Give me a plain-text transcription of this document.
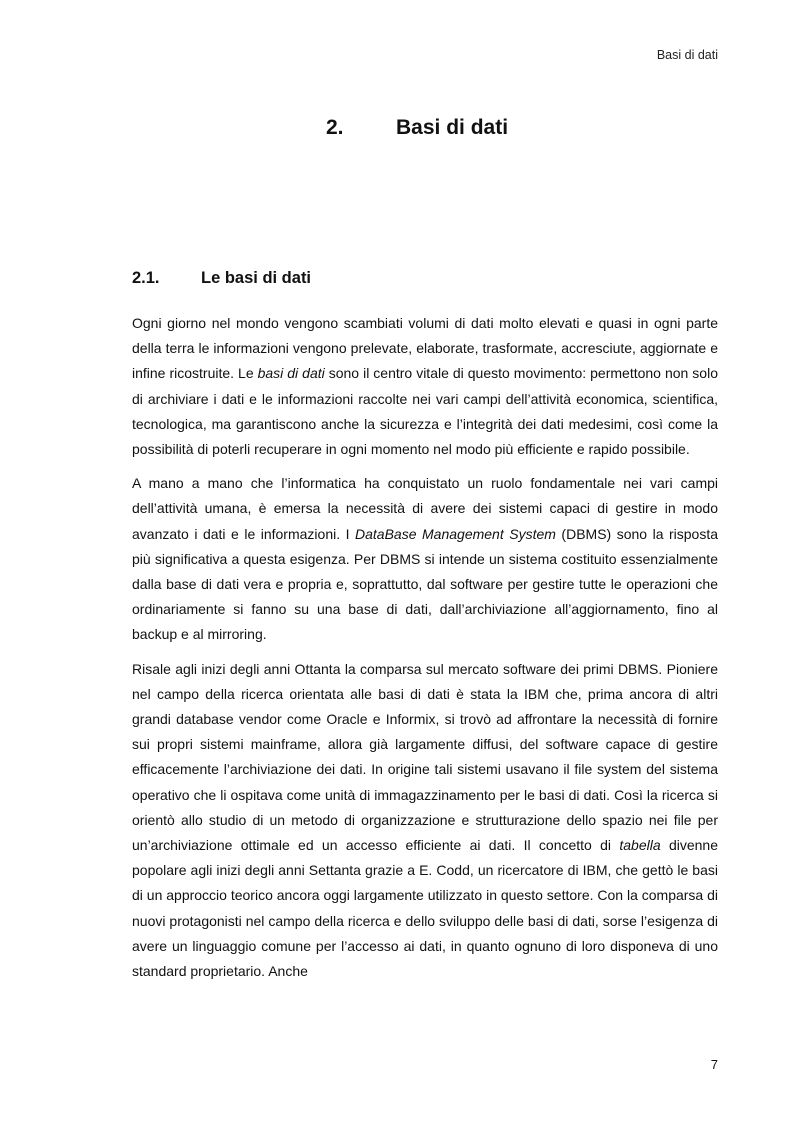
Basi di dati
2. Basi di dati
2.1.	Le basi di dati

Ogni giorno nel mondo vengono scambiati volumi di dati molto elevati e quasi in ogni parte della terra le informazioni vengono prelevate, elaborate, trasformate, accresciute, aggiornate e infine ricostruite. Le basi di dati sono il centro vitale di questo movimento: permettono non solo di archiviare i dati e le informazioni raccolte nei vari campi dell’attività economica, scientifica, tecnologica, ma garantiscono anche la sicurezza e l’integrità dei dati medesimi, così come la possibilità di poterli recuperare in ogni momento nel modo più efficiente e rapido possibile.

A mano a mano che l’informatica ha conquistato un ruolo fondamentale nei vari campi dell’attività umana, è emersa la necessità di avere dei sistemi capaci di gestire in modo avanzato i dati e le informazioni. I DataBase Management System (DBMS) sono la risposta più significativa a questa esigenza. Per DBMS si intende un sistema costituito essenzialmente dalla base di dati vera e propria e, soprattutto, dal software per gestire tutte le operazioni che ordinariamente si fanno su una base di dati, dall’archiviazione all’aggiornamento, fino al backup e al mirroring.

Risale agli inizi degli anni Ottanta la comparsa sul mercato software dei primi DBMS. Pioniere nel campo della ricerca orientata alle basi di dati è stata la IBM che, prima ancora di altri grandi database vendor come Oracle e Informix, si trovò ad affrontare la necessità di fornire sui propri sistemi mainframe, allora già largamente diffusi, del software capace di gestire efficacemente l’archiviazione dei dati. In origine tali sistemi usavano il file system del sistema operativo che li ospitava come unità di immagazzinamento per le basi di dati. Così la ricerca si orientò allo studio di un metodo di organizzazione e strutturazione dello spazio nei file per un’archiviazione ottimale ed un accesso efficiente ai dati. Il concetto di tabella divenne popolare agli inizi degli anni Settanta grazie a E. Codd, un ricercatore di IBM, che gettò le basi di un approccio teorico ancora oggi largamente utilizzato in questo settore. Con la comparsa di nuovi protagonisti nel campo della ricerca e dello sviluppo delle basi di dati, sorse l’esigenza di avere un linguaggio comune per l’accesso ai dati, in quanto ognuno di loro disponeva di uno standard proprietario. Anche

7
